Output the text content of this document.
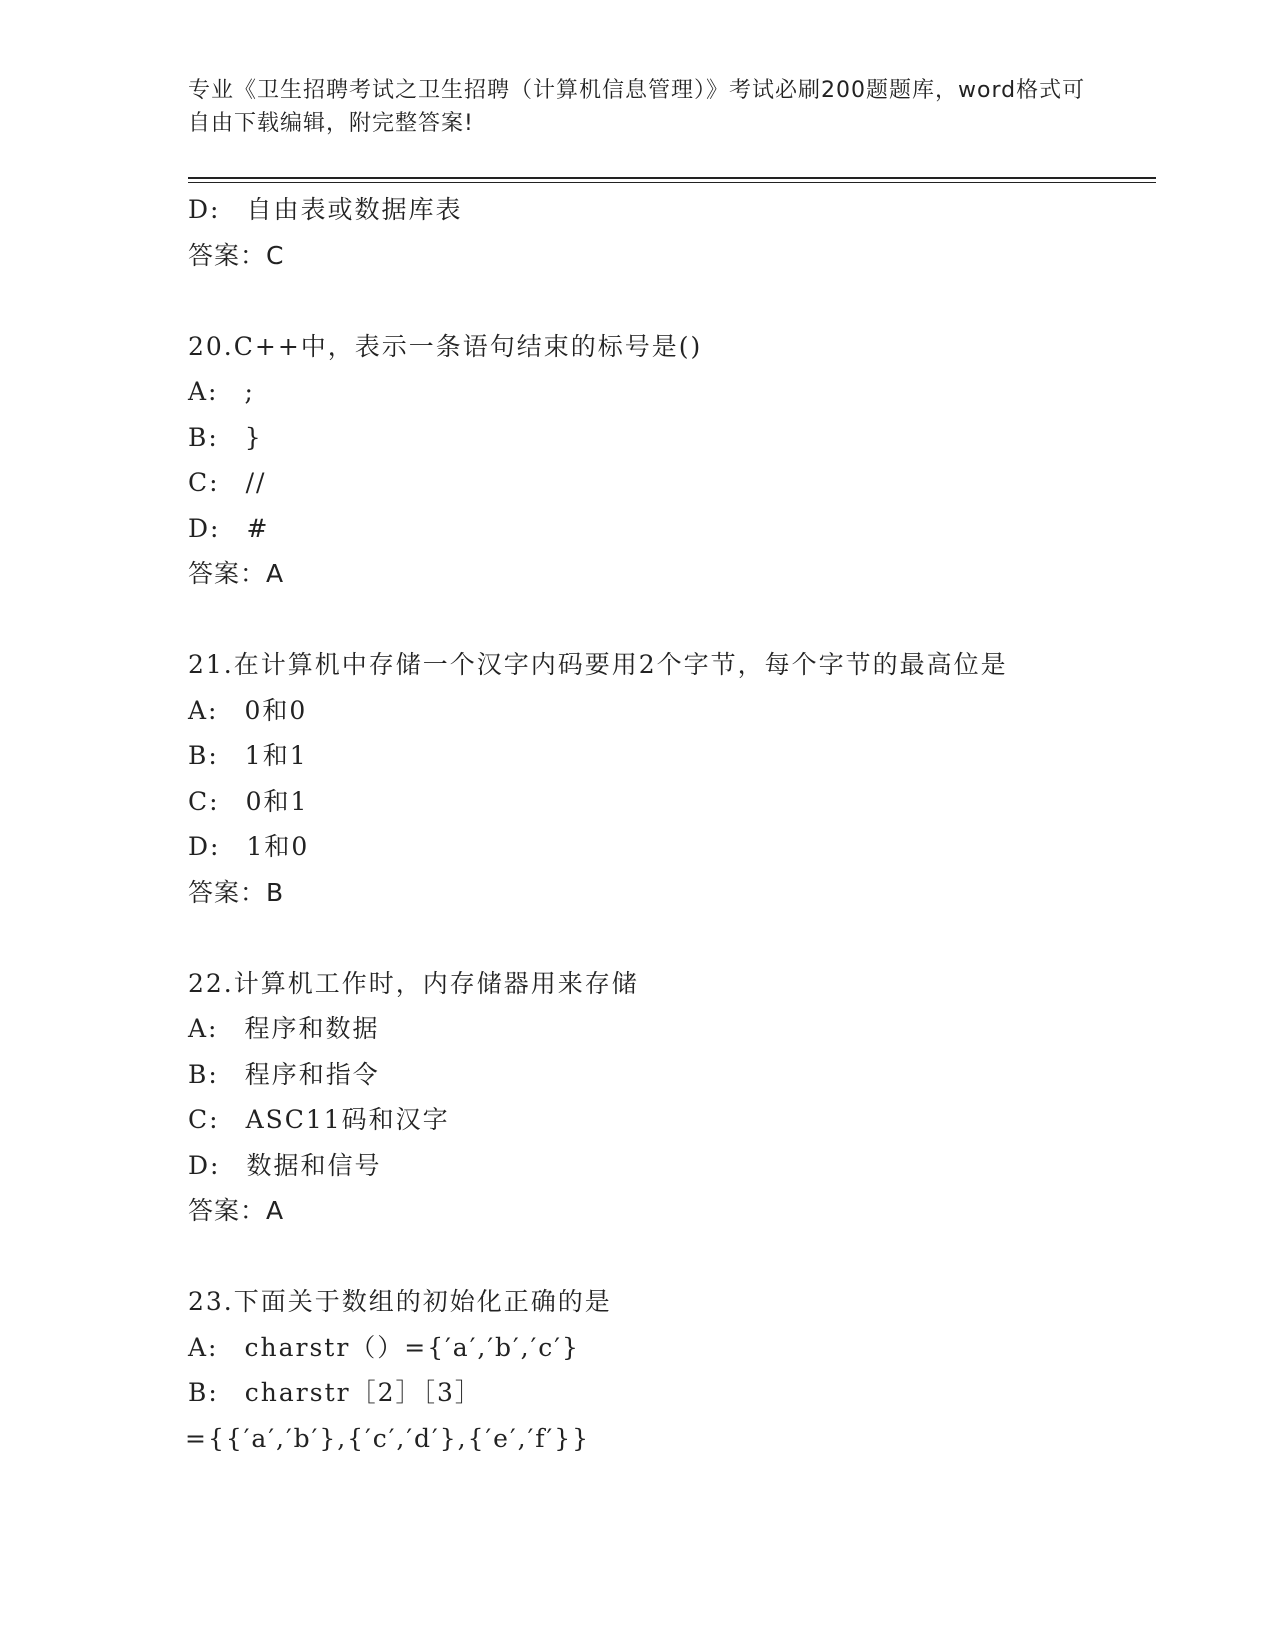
专业《卫生招聘考试之卫生招聘（计算机信息管理）》考试必刷200题题库，word格式可自由下载编辑，附完整答案!
D: 自由表或数据库表
答案：C
20.C++中，表示一条语句结束的标号是()
A: ;
B: }
C: //
D: #
答案：A
21.在计算机中存储一个汉字内码要用2个字节，每个字节的最高位是
A: 0和0
B: 1和1
C: 0和1
D: 1和0
答案：B
22.计算机工作时，内存储器用来存储
A: 程序和数据
B: 程序和指令
C: ASC11码和汉字
D: 数据和信号
答案：A
23.下面关于数组的初始化正确的是
A: charstr（）={′a′,′b′,′c′}
B: charstr［2］［3］
={{′a′,′b′},{′c′,′d′},{′e′,′f′}}
